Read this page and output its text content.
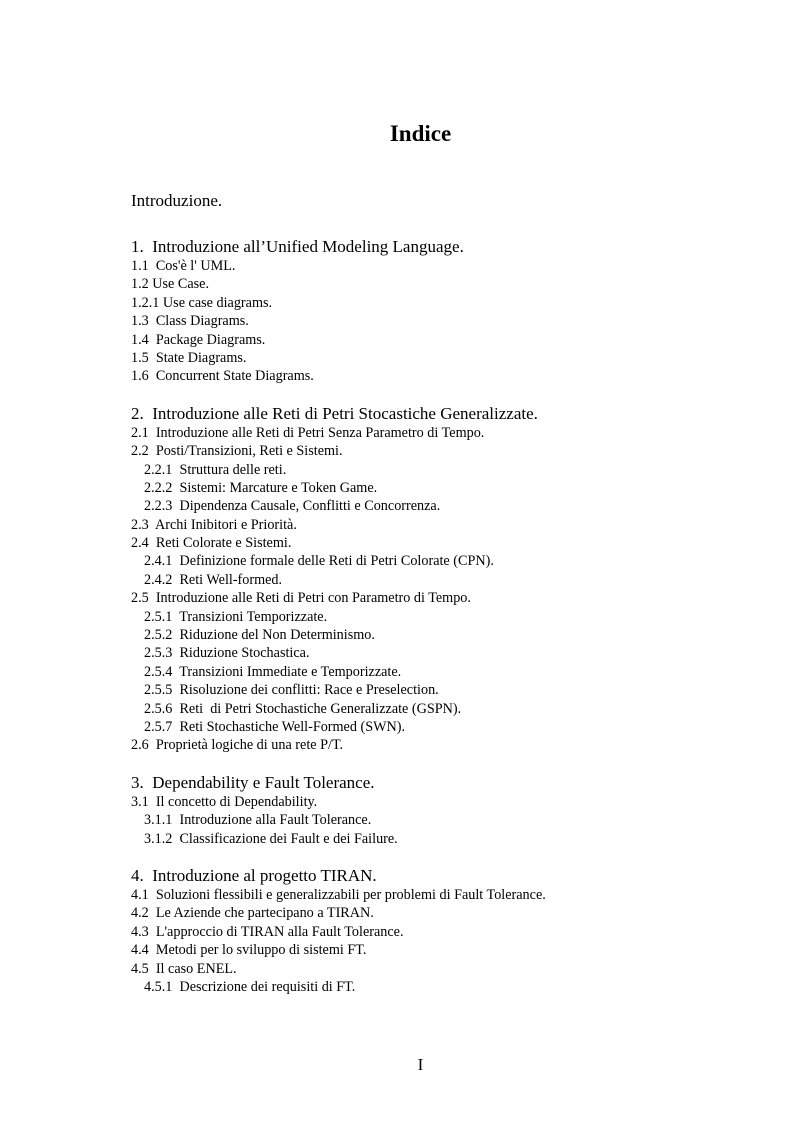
Indice
Introduzione.
1.  Introduzione all’Unified Modeling Language.
1.1  Cos'è l' UML.
1.2 Use Case.
1.2.1 Use case diagrams.
1.3  Class Diagrams.
1.4  Package Diagrams.
1.5  State Diagrams.
1.6  Concurrent State Diagrams.
2.  Introduzione alle Reti di Petri Stocastiche Generalizzate.
2.1  Introduzione alle Reti di Petri Senza Parametro di Tempo.
2.2  Posti/Transizioni, Reti e Sistemi.
2.2.1  Struttura delle reti.
2.2.2  Sistemi: Marcature e Token Game.
2.2.3  Dipendenza Causale, Conflitti e Concorrenza.
2.3  Archi Inibitori e Priorità.
2.4  Reti Colorate e Sistemi.
2.4.1  Definizione formale delle Reti di Petri Colorate (CPN).
2.4.2  Reti Well-formed.
2.5  Introduzione alle Reti di Petri con Parametro di Tempo.
2.5.1  Transizioni Temporizzate.
2.5.2  Riduzione del Non Determinismo.
2.5.3  Riduzione Stochastica.
2.5.4  Transizioni Immediate e Temporizzate.
2.5.5  Risoluzione dei conflitti: Race e Preselection.
2.5.6  Reti  di Petri Stochastiche Generalizzate (GSPN).
2.5.7  Reti Stochastiche Well-Formed (SWN).
2.6  Proprietà logiche di una rete P/T.
3.  Dependability e Fault Tolerance.
3.1  Il concetto di Dependability.
3.1.1  Introduzione alla Fault Tolerance.
3.1.2  Classificazione dei Fault e dei Failure.
4.  Introduzione al progetto TIRAN.
4.1  Soluzioni flessibili e generalizzabili per problemi di Fault Tolerance.
4.2  Le Aziende che partecipano a TIRAN.
4.3  L'approccio di TIRAN alla Fault Tolerance.
4.4  Metodi per lo sviluppo di sistemi FT.
4.5  Il caso ENEL.
4.5.1  Descrizione dei requisiti di FT.
I
